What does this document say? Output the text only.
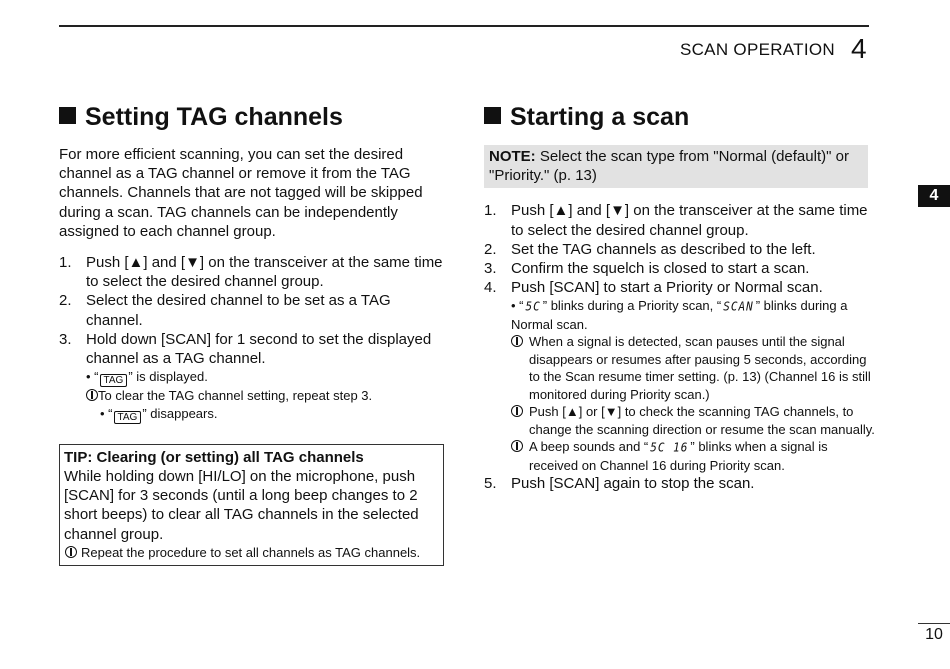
SCAN OPERATION 4
4
10
Setting TAG channels
For more efficient scanning, you can set the desired channel as a TAG channel or remove it from the TAG channels. Channels that are not tagged will be skipped during a scan. TAG channels can be independently assigned to each channel group.
1. Push [▲] and [▼] on the transceiver at the same time to select the desired channel group.
2. Select the desired channel to be set as a TAG channel.
3. Hold down [SCAN] for 1 second to set the displayed channel as a TAG channel.
• “ TAG ” is displayed.
To clear the TAG channel setting, repeat step 3.
• “ TAG ” disappears.
TIP: Clearing (or setting) all TAG channels
While holding down [HI/LO] on the microphone, push [SCAN] for 3 seconds (until a long beep changes to 2 short beeps) to clear all TAG channels in the selected channel group.
Repeat the procedure to set all channels as TAG channels.
Starting a scan
NOTE: Select the scan type from "Normal (default)" or "Priority." (p. 13)
1. Push [▲] and [▼] on the transceiver at the same time to select the desired channel group.
2. Set the TAG channels as described to the left.
3. Confirm the squelch is closed to start a scan.
4. Push [SCAN] to start a Priority or Normal scan.
• “ 5C ” blinks during a Priority scan, “ SCAN ” blinks during a Normal scan.
When a signal is detected, scan pauses until the signal disappears or resumes after pausing 5 seconds, according to the Scan resume timer setting. (p. 13) (Channel 16 is still monitored during Priority scan.)
Push [▲] or [▼] to check the scanning TAG channels, to change the scanning direction or resume the scan manually.
A beep sounds and “ 5C 16 ” blinks when a signal is received on Channel 16 during Priority scan.
5. Push [SCAN] again to stop the scan.
